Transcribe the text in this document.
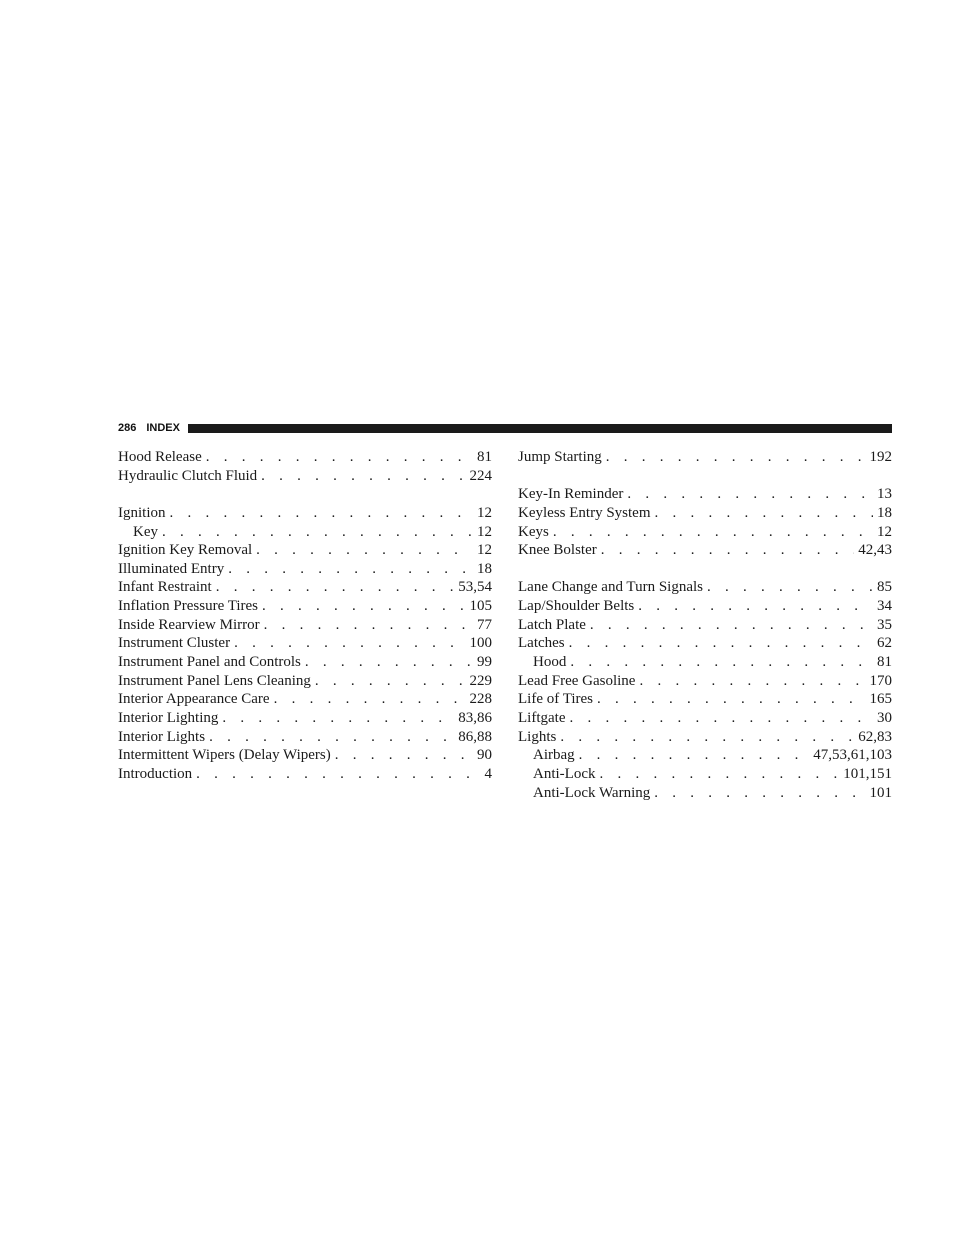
286 INDEX
Hood Release . . .	81
Hydraulic Clutch Fluid . . .	224
Ignition . . .	12
Key . . .	12
Ignition Key Removal . . .	12
Illuminated Entry . . .	18
Infant Restraint . . .	53,54
Inflation Pressure Tires . . .	105
Inside Rearview Mirror . . .	77
Instrument Cluster . . .	100
Instrument Panel and Controls . . .	99
Instrument Panel Lens Cleaning . . .	229
Interior Appearance Care . . .	228
Interior Lighting . . .	83,86
Interior Lights . . .	86,88
Intermittent Wipers (Delay Wipers) . . .	90
Introduction . . .	4
Jump Starting . . .	192
Key-In Reminder . . .	13
Keyless Entry System . . .	18
Keys . . .	12
Knee Bolster . . .	42,43
Lane Change and Turn Signals . . .	85
Lap/Shoulder Belts . . .	34
Latch Plate . . .	35
Latches . . .	62
Hood . . .	81
Lead Free Gasoline . . .	170
Life of Tires . . .	165
Liftgate . . .	30
Lights . . .	62,83
Airbag . . .	47,53,61,103
Anti-Lock . . .	101,151
Anti-Lock Warning . . .	101
